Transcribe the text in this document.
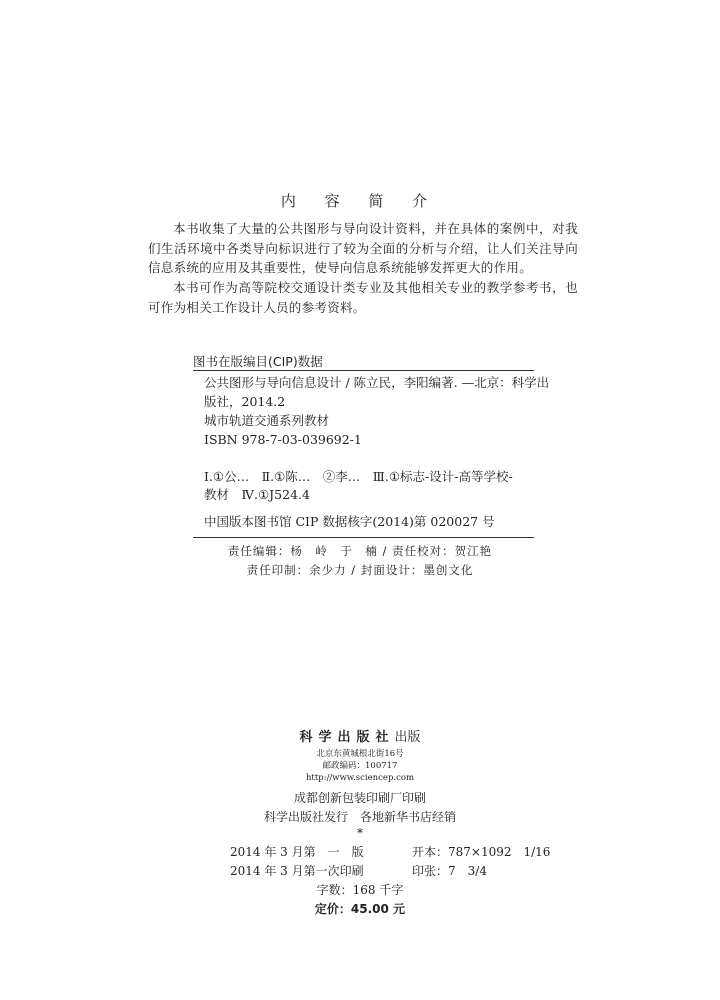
内 容 简 介
本书收集了大量的公共图形与导向设计资料，并在具体的案例中，对我们生活环境中各类导向标识进行了较为全面的分析与介绍，让人们关注导向信息系统的应用及其重要性，使导向信息系统能够发挥更大的作用。
本书可作为高等院校交通设计类专业及其他相关专业的教学参考书，也可作为相关工作设计人员的参考资料。
图书在版编目(CIP)数据
公共图形与导向信息设计 / 陈立民，李阳编著. —北京：科学出
版社，2014.2
城市轨道交通系列教材
ISBN 978-7-03-039692-1
Ⅰ.①公…　Ⅱ.①陈…　②李…　Ⅲ.①标志-设计-高等学校-
教材　Ⅳ.①J524.4
中国版本图书馆 CIP 数据核字(2014)第 020027 号
责任编辑：杨　岭　于　楠 / 责任校对：贺江艳
责任印制：余少力 / 封面设计：墨创文化
科学出版社出版
北京东黄城根北街16号
邮政编码：100717
http://www.sciencep.com
成都创新包装印刷厂印刷
科学出版社发行　各地新华书店经销
*
2014 年 3 月第　一　版	开本：787×1092　1/16
2014 年 3 月第一次印刷	印张：7　3/4
字数：168 千字
定价：45.00 元
